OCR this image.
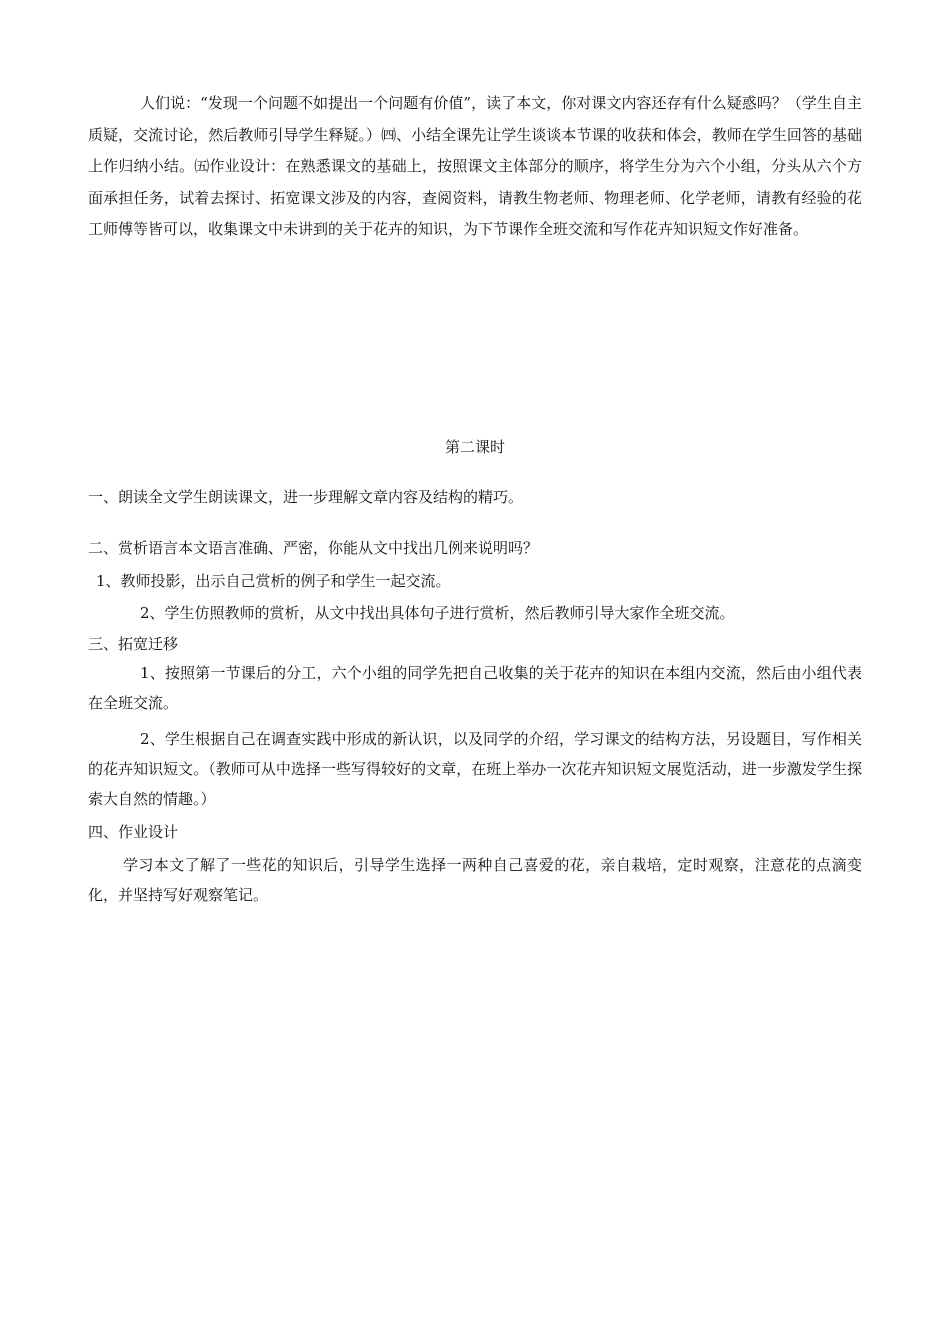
人们说：“发现一个问题不如提出一个问题有价值”，读了本文，你对课文内容还存有什么疑惑吗？（学生自主质疑，交流讨论，然后教师引导学生释疑。）㈣、小结全课先让学生谈谈本节课的收获和体会，教师在学生回答的基础上作归纳小结。㈤作业设计：在熟悉课文的基础上，按照课文主体部分的顺序，将学生分为六个小组，分头从六个方面承担任务，试着去探讨、拓宽课文涉及的内容，查阅资料，请教生物老师、物理老师、化学老师，请教有经验的花工师傅等皆可以，收集课文中未讲到的关于花卉的知识，为下节课作全班交流和写作花卉知识短文作好准备。

第二课时

一、朗读全文学生朗读课文，进一步理解文章内容及结构的精巧。

二、赏析语言本文语言准确、严密，你能从文中找出几例来说明吗？

1、教师投影，出示自己赏析的例子和学生一起交流。

2、学生仿照教师的赏析，从文中找出具体句子进行赏析，然后教师引导大家作全班交流。

三、拓宽迁移

1、按照第一节课后的分工，六个小组的同学先把自己收集的关于花卉的知识在本组内交流，然后由小组代表在全班交流。

2、学生根据自己在调查实践中形成的新认识，以及同学的介绍，学习课文的结构方法，另设题目，写作相关的花卉知识短文。（教师可从中选择一些写得较好的文章，在班上举办一次花卉知识短文展览活动，进一步激发学生探索大自然的情趣。）

四、作业设计

学习本文了解了一些花的知识后，引导学生选择一两种自己喜爱的花，亲自栽培，定时观察，注意花的点滴变化，并坚持写好观察笔记。
